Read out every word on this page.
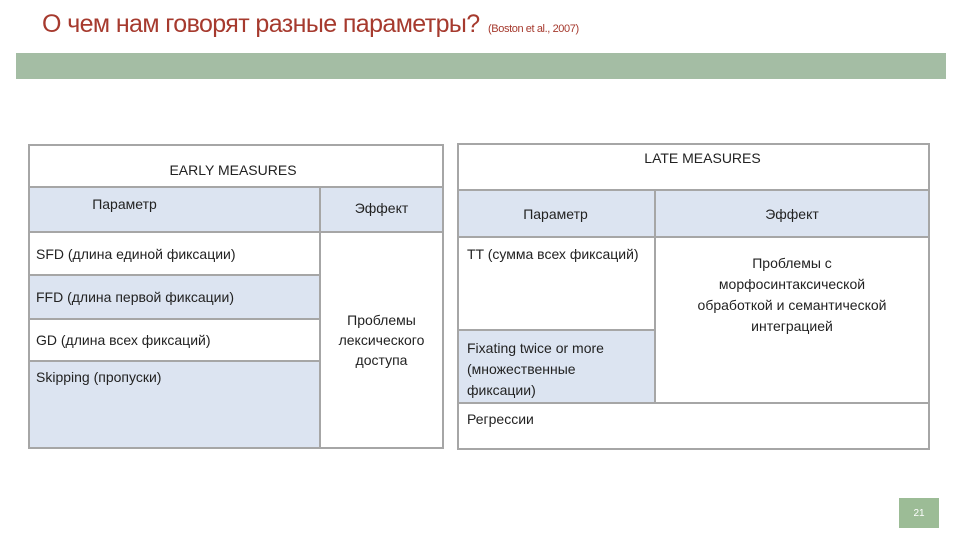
О чем нам говорят разные параметры? (Boston et al., 2007)
EARLY MEASURES
Параметр	Эффект
SFD (длина единой фиксации)
FFD (длина первой фиксации)
GD (длина всех фиксаций)
Skipping (пропуски)
Проблемы лексического доступа
LATE MEASURES
Параметр	Эффект
TT (сумма всех фиксаций)
Fixating twice or more (множественные фиксации)
Регрессии
Проблемы с морфосинтаксической обработкой и семантической интеграцией
21
